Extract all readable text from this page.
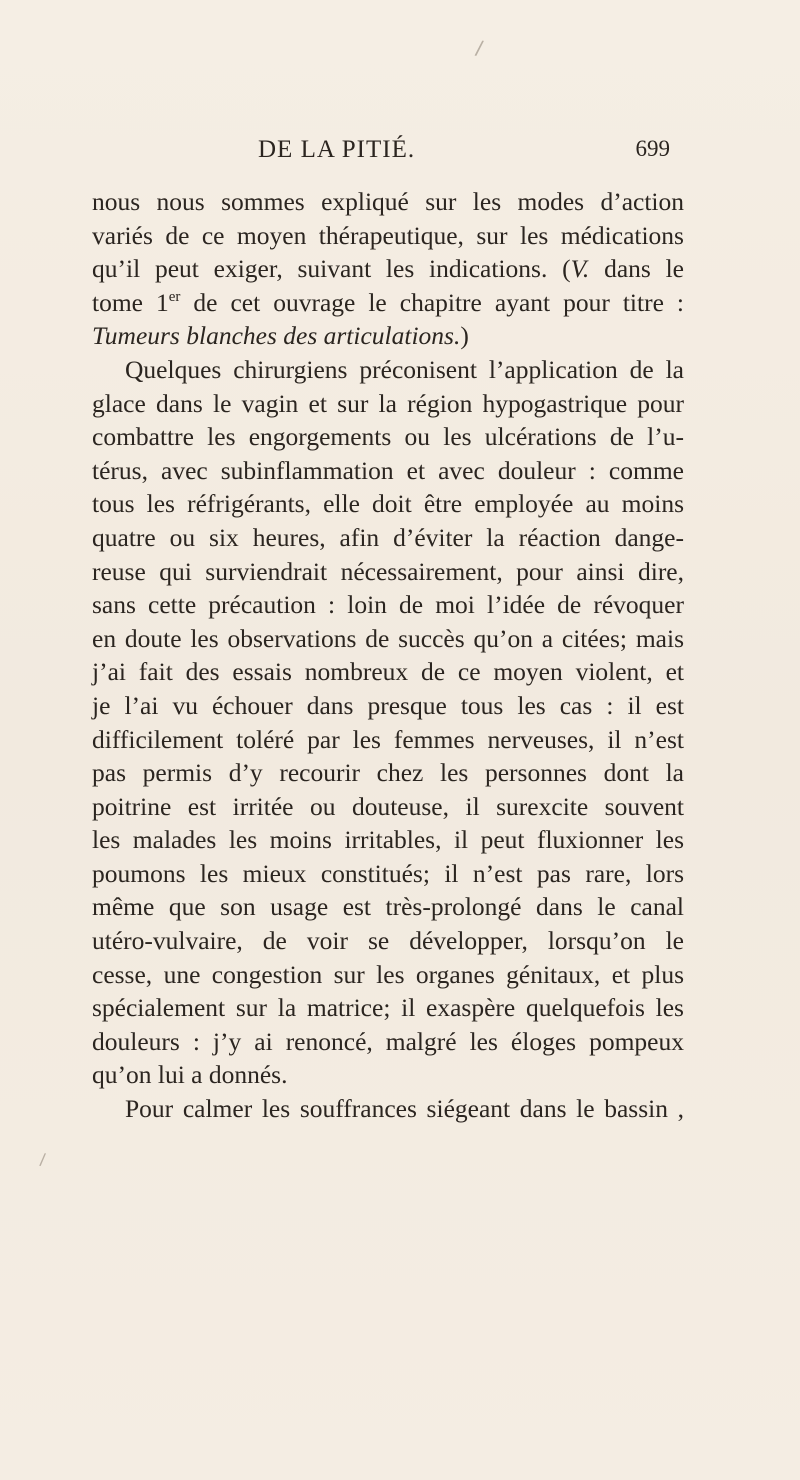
/
DE LA PITIÉ.	699
nous nous sommes expliqué sur les modes d’action
variés de ce moyen thérapeutique, sur les médications
qu’il peut exiger, suivant les indications. (V. dans le
tome 1er de cet ouvrage le chapitre ayant pour titre :
Tumeurs blanches des articulations.)
Quelques chirurgiens préconisent l’application de la
glace dans le vagin et sur la région hypogastrique pour
combattre les engorgements ou les ulcérations de l’u-
térus, avec subinflammation et avec douleur : comme
tous les réfrigérants, elle doit être employée au moins
quatre ou six heures, afin d’éviter la réaction dange-
reuse qui surviendrait nécessairement, pour ainsi dire,
sans cette précaution : loin de moi l’idée de révoquer
en doute les observations de succès qu’on a citées; mais
j’ai fait des essais nombreux de ce moyen violent, et
je l’ai vu échouer dans presque tous les cas : il est
difficilement toléré par les femmes nerveuses, il n’est
pas permis d’y recourir chez les personnes dont la
poitrine est irritée ou douteuse, il surexcite souvent
les malades les moins irritables, il peut fluxionner les
poumons les mieux constitués; il n’est pas rare, lors
même que son usage est très-prolongé dans le canal
utéro-vulvaire, de voir se développer, lorsqu’on le
cesse, une congestion sur les organes génitaux, et plus
spécialement sur la matrice; il exaspère quelquefois les
douleurs : j’y ai renoncé, malgré les éloges pompeux
qu’on lui a donnés.
Pour calmer les souffrances siégeant dans le bassin ,
/
